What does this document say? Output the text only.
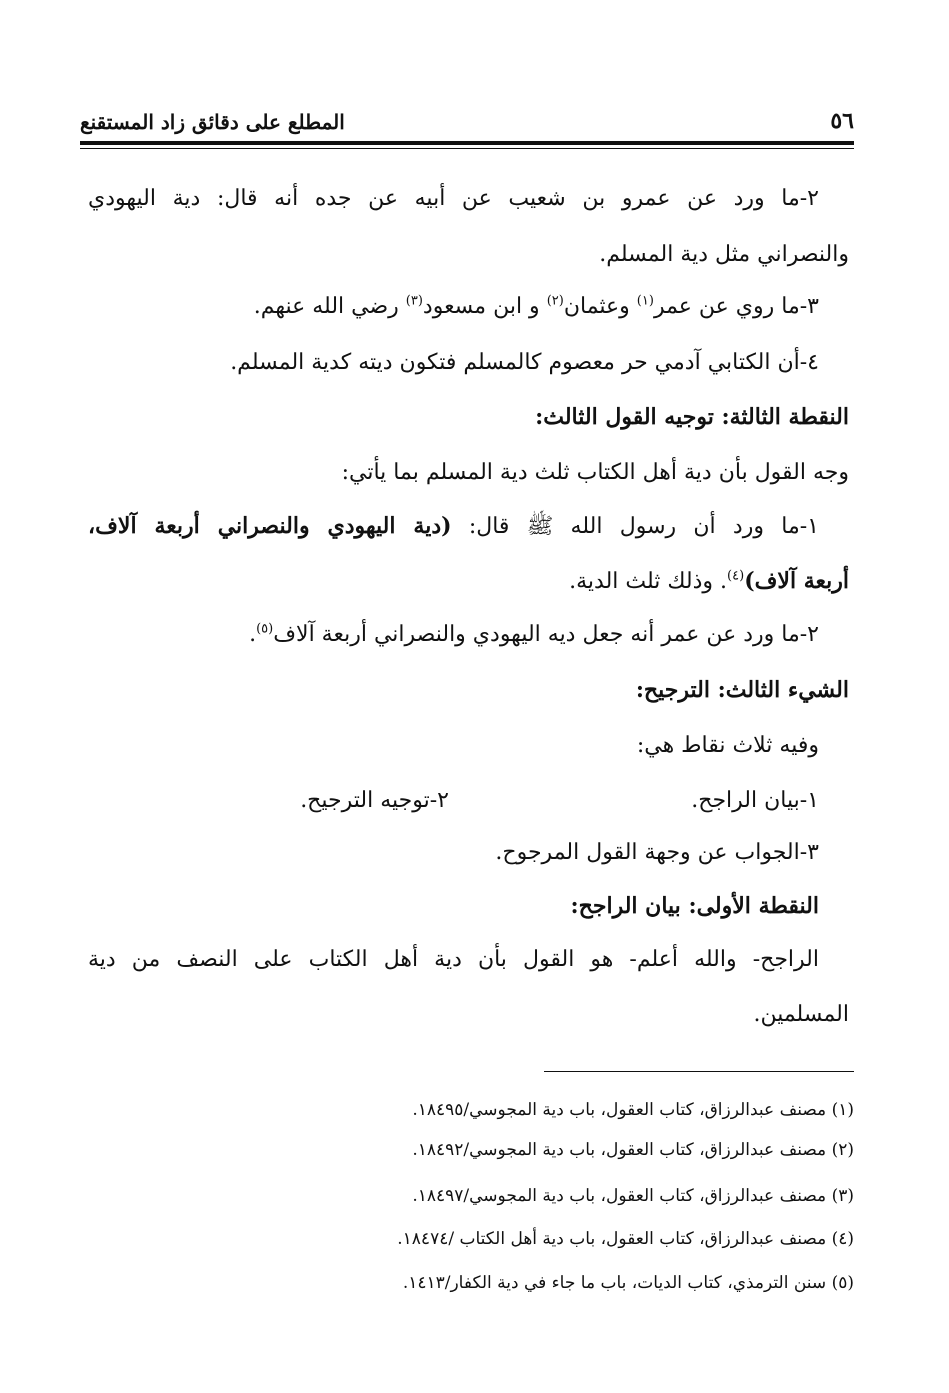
٥٦
المطلع على دقائق زاد المستقنع
٢-ما ورد عن عمرو بن شعيب عن أبيه عن جده أنه قال: دية اليهودي
والنصراني مثل دية المسلم.
٣-ما روي عن عمر$^{(١)}$ وعثمان$^{(٢)}$ و ابن مسعود$^{(٣)}$ رضي الله عنهم.
٤-أن الكتابي آدمي حر معصوم كالمسلم فتكون ديته كدية المسلم.
النقطة الثالثة: توجيه القول الثالث:
وجه القول بأن دية أهل الكتاب ثلث دية المسلم بما يأتي:
١-ما ورد أن رسول الله ﷺ قال: (دية اليهودي والنصراني أربعة آلاف،
أربعة آلاف)$^{(٤)}$. وذلك ثلث الدية.
٢-ما ورد عن عمر أنه جعل ديه اليهودي والنصراني أربعة آلاف$^{(٥)}$.
الشيء الثالث: الترجيح:
وفيه ثلاث نقاط هي:
١-بيان الراجح.
٢-توجيه الترجيح.
٣-الجواب عن وجهة القول المرجوح.
النقطة الأولى: بيان الراجح:
الراجح- والله أعلم- هو القول بأن دية أهل الكتاب على النصف من دية
المسلمين.
(١) مصنف عبدالرزاق، كتاب العقول، باب دية المجوسي/١٨٤٩٥.
(٢) مصنف عبدالرزاق، كتاب العقول، باب دية المجوسي/١٨٤٩٢.
(٣) مصنف عبدالرزاق، كتاب العقول، باب دية المجوسي/١٨٤٩٧.
(٤) مصنف عبدالرزاق، كتاب العقول، باب دية أهل الكتاب /١٨٤٧٤.
(٥) سنن الترمذي، كتاب الديات، باب ما جاء في دية الكفار/١٤١٣.
